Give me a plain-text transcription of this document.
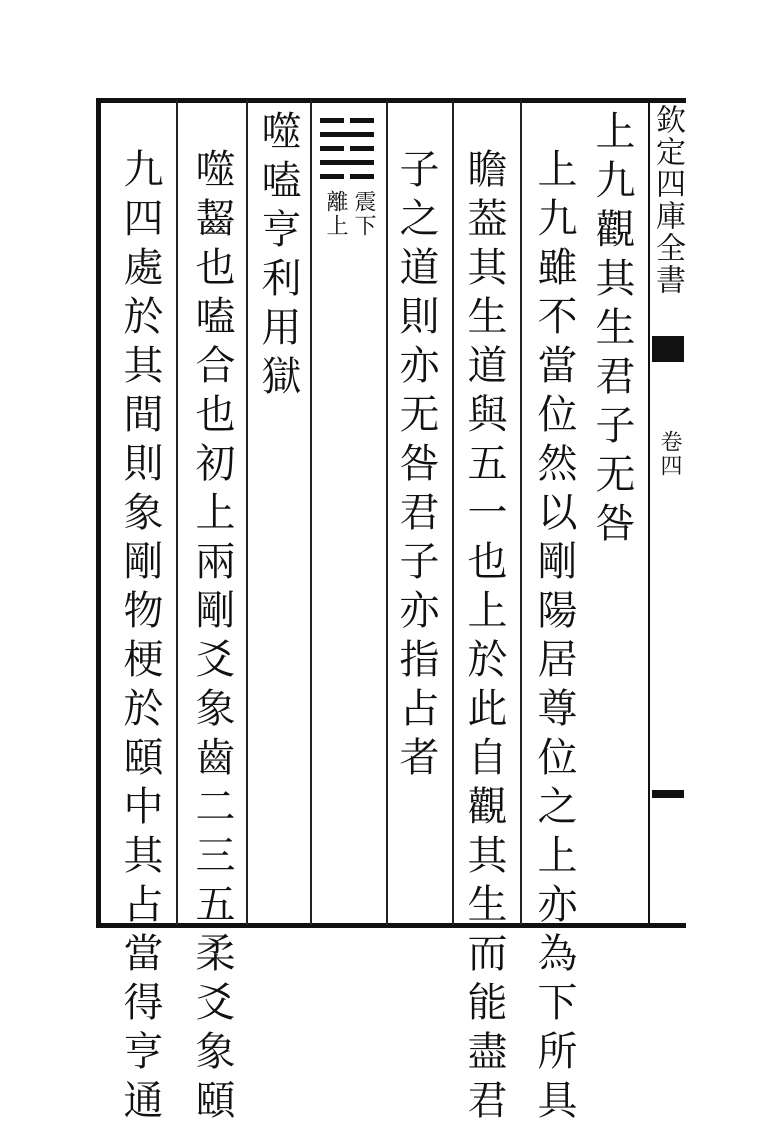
欽定四庫全書
卷四
上九觀其生君子无咎
上九雖不當位然以剛陽居尊位之上亦為下所具
瞻葢其生道與五一也上於此自觀其生而能盡君
子之道則亦无咎君子亦指占者
震下
離上
噬嗑亨利用獄
噬齧也嗑合也初上兩剛爻象齒二三五柔爻象頤
九四處於其間則象剛物梗於頤中其占當得亨通
